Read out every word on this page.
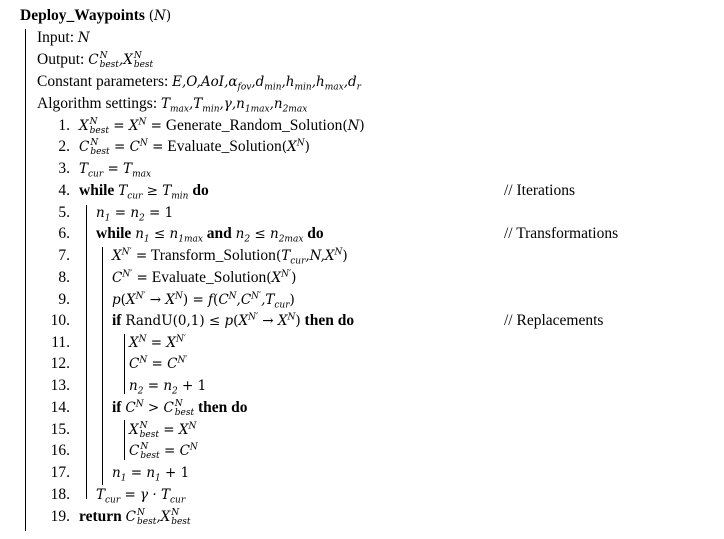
Deploy_Waypoints (N)
Input: N
Output: C N
best ,X N
best
Constant parameters: $E,O,AoI,\alpha_{fov},d_{min},h_{min},h_{max},d_r$
Algorithm settings: $T_{max},T_{min},\gamma,n_{1max},n_{2max}$
1.
2.
3.
4.
5.
6.
7.
8.
9.
10.
11.
12.
13.
14.
15.
16.
17.
18.
19.
X N
best = $X^N$ = Generate_Random_Solution(N)
C N
best = $C^N$ = $Evaluate\_Solution(X^N)$
$T_{cur} = T_{max}$
while $T_{cur} \ge T_{min}$ do	// Iterations
$n_1 = n_2 = 1$
while $n_1 \le n_{1max}$ and $n_2 \le n_{2max}$ do	// Transformations
$X^{N'}$ = $Transform\_Solution(T_{cur},N,X^N)$
$C^{N'}$ = $Evaluate\_Solution(X^{N'})$
$p(X^{N'} \to X^N) = f(C^N,C^{N'},T_{cur})$
if RandU(0,1) ≤ $p(X^{N'} \to X^N)$ then do	// Replacements
$X^N = X^{N'}$
$C^N = C^{N'}$
$n_2 = n_2 + 1$
if $C^N > C$ N
best then do
X N
best = $X^N$
C N
best = $C^N$
$n_1 = n_1 + 1$
$T_{cur} = \gamma \cdot T_{cur}$
return C N
best ,X N
best
